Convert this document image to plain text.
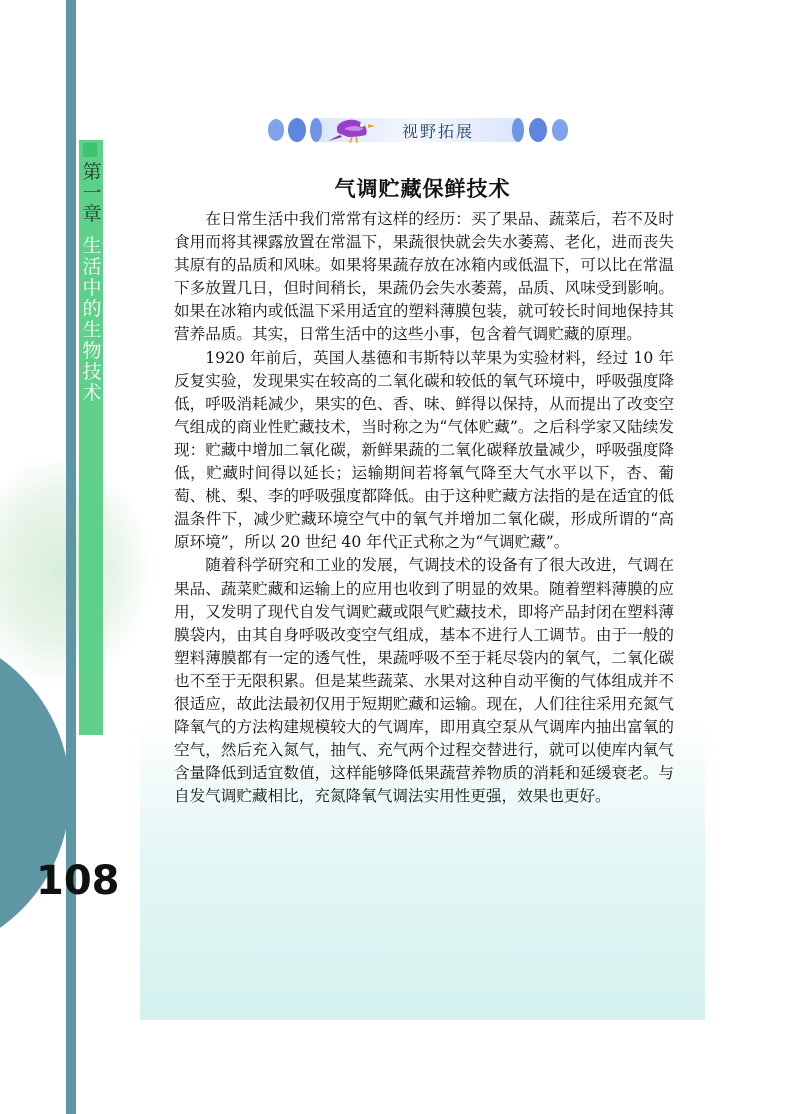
第一章
生活中的生物技术
108
视野拓展
气调贮藏保鲜技术

在日常生活中我们常常有这样的经历：买了果品、蔬菜后，若不及时食用而将其裸露放置在常温下，果蔬很快就会失水萎蔫、老化，进而丧失其原有的品质和风味。如果将果蔬存放在冰箱内或低温下，可以比在常温下多放置几日，但时间稍长，果蔬仍会失水萎蔫，品质、风味受到影响。如果在冰箱内或低温下采用适宜的塑料薄膜包装，就可较长时间地保持其营养品质。其实，日常生活中的这些小事，包含着气调贮藏的原理。

1920 年前后，英国人基德和韦斯特以苹果为实验材料，经过 10 年反复实验，发现果实在较高的二氧化碳和较低的氧气环境中，呼吸强度降低，呼吸消耗减少，果实的色、香、味、鲜得以保持，从而提出了改变空气组成的商业性贮藏技术，当时称之为“气体贮藏”。之后科学家又陆续发现：贮藏中增加二氧化碳，新鲜果蔬的二氧化碳释放量减少，呼吸强度降低，贮藏时间得以延长；运输期间若将氧气降至大气水平以下，杏、葡萄、桃、梨、李的呼吸强度都降低。由于这种贮藏方法指的是在适宜的低温条件下，减少贮藏环境空气中的氧气并增加二氧化碳，形成所谓的“高原环境”，所以 20 世纪 40 年代正式称之为“气调贮藏”。

随着科学研究和工业的发展，气调技术的设备有了很大改进，气调在果品、蔬菜贮藏和运输上的应用也收到了明显的效果。随着塑料薄膜的应用，又发明了现代自发气调贮藏或限气贮藏技术，即将产品封闭在塑料薄膜袋内，由其自身呼吸改变空气组成，基本不进行人工调节。由于一般的塑料薄膜都有一定的透气性，果蔬呼吸不至于耗尽袋内的氧气，二氧化碳也不至于无限积累。但是某些蔬菜、水果对这种自动平衡的气体组成并不很适应，故此法最初仅用于短期贮藏和运输。现在，人们往往采用充氮气降氧气的方法构建规模较大的气调库，即用真空泵从气调库内抽出富氧的空气，然后充入氮气，抽气、充气两个过程交替进行，就可以使库内氧气含量降低到适宜数值，这样能够降低果蔬营养物质的消耗和延缓衰老。与自发气调贮藏相比，充氮降氧气调法实用性更强，效果也更好。
